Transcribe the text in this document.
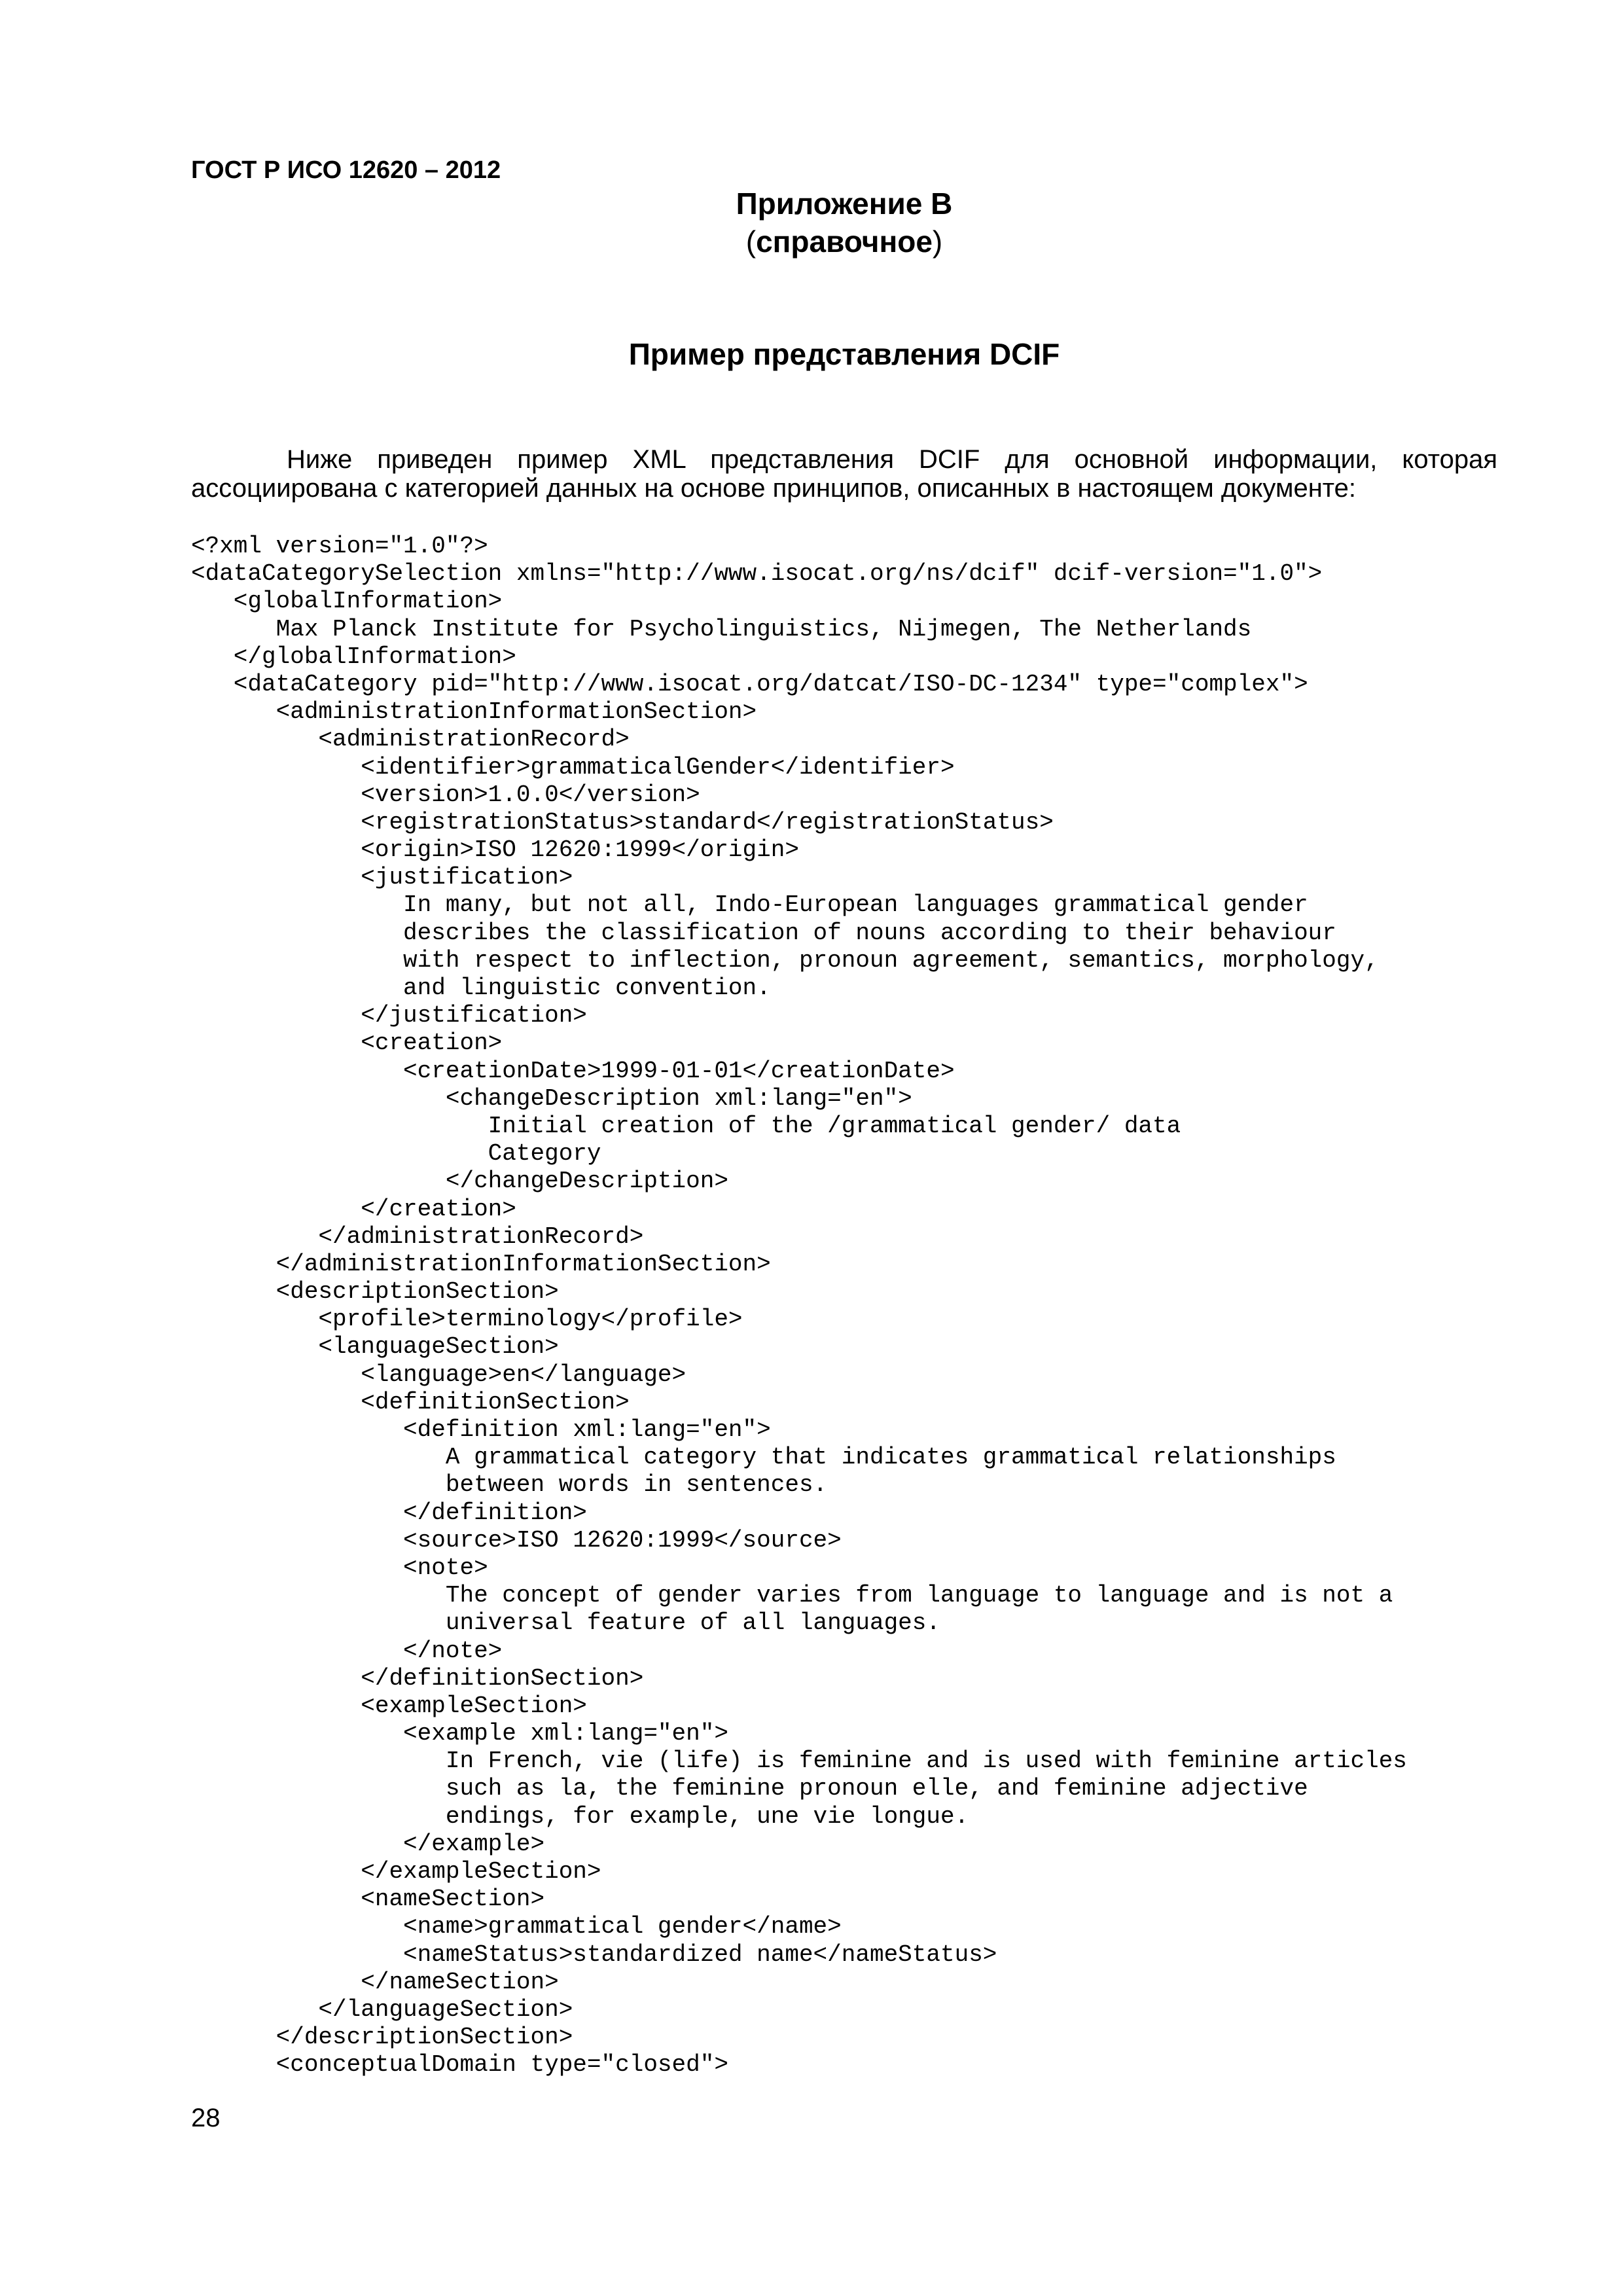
ГОСТ Р ИСО 12620 – 2012

Приложение В

(справочное)

Пример представления DCIF

Ниже приведен пример XML представления DCIF для основной информации, которая ассоциирована с категорией данных на основе принципов, описанных в настоящем документе:

<?xml version="1.0"?>
<dataCategorySelection xmlns="http://www.isocat.org/ns/dcif" dcif-version="1.0">
<globalInformation>
Max Planck Institute for Psycholinguistics, Nijmegen, The Netherlands
</globalInformation>
<dataCategory pid="http://www.isocat.org/datcat/ISO-DC-1234" type="complex">
<administrationInformationSection>
<administrationRecord>
<identifier>grammaticalGender</identifier>
<version>1.0.0</version>
<registrationStatus>standard</registrationStatus>
<origin>ISO 12620:1999</origin>
<justification>
In many, but not all, Indo-European languages grammatical gender
describes the classification of nouns according to their behaviour
with respect to inflection, pronoun agreement, semantics, morphology,
and linguistic convention.
</justification>
<creation>
<creationDate>1999-01-01</creationDate>
<changeDescription xml:lang="en">
Initial creation of the /grammatical gender/ data
Category
</changeDescription>
</creation>
</administrationRecord>
</administrationInformationSection>
<descriptionSection>
<profile>terminology</profile>
<languageSection>
<language>en</language>
<definitionSection>
<definition xml:lang="en">
A grammatical category that indicates grammatical relationships
between words in sentences.
</definition>
<source>ISO 12620:1999</source>
<note>
The concept of gender varies from language to language and is not a
universal feature of all languages.
</note>
</definitionSection>
<exampleSection>
<example xml:lang="en">
In French, vie (life) is feminine and is used with feminine articles
such as la, the feminine pronoun elle, and feminine adjective
endings, for example, une vie longue.
</example>
</exampleSection>
<nameSection>
<name>grammatical gender</name>
<nameStatus>standardized name</nameStatus>
</nameSection>
</languageSection>
</descriptionSection>
<conceptualDomain type="closed">

28
